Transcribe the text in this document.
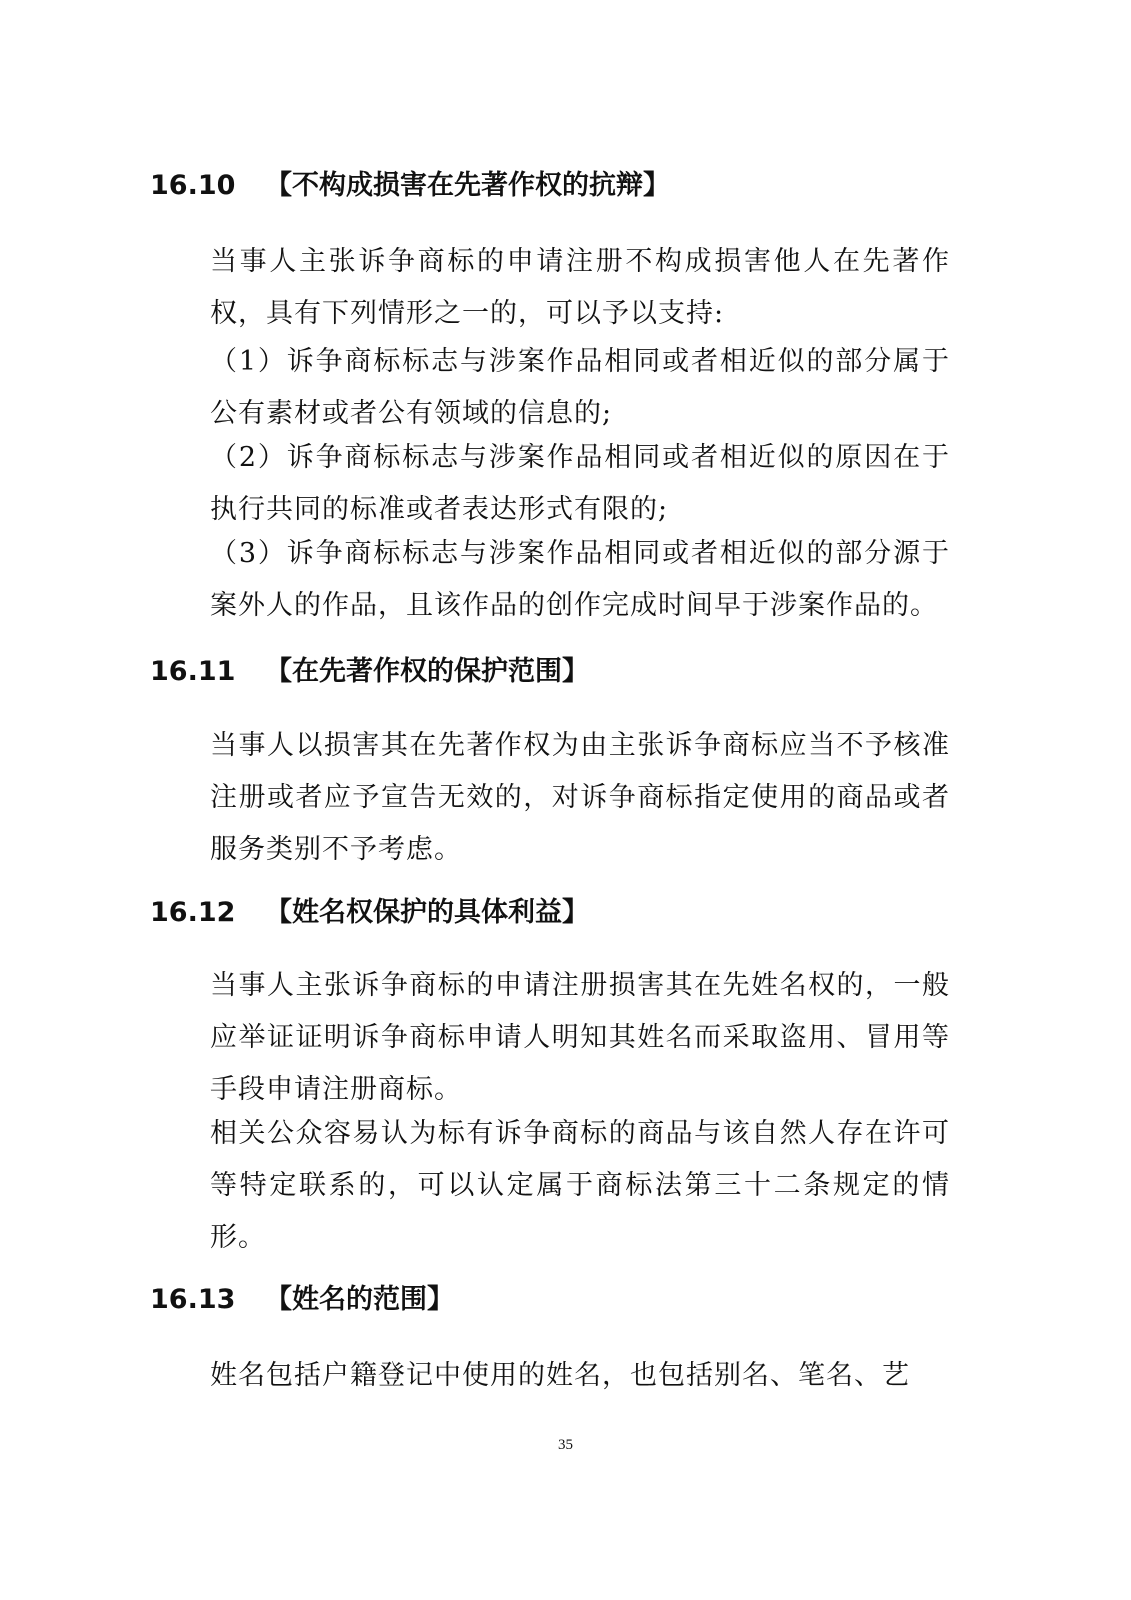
16.10 【不构成损害在先著作权的抗辩】
当事人主张诉争商标的申请注册不构成损害他人在先著作权，具有下列情形之一的，可以予以支持:
（1）诉争商标标志与涉案作品相同或者相近似的部分属于公有素材或者公有领域的信息的;
（2）诉争商标标志与涉案作品相同或者相近似的原因在于执行共同的标准或者表达形式有限的;
（3）诉争商标标志与涉案作品相同或者相近似的部分源于案外人的作品，且该作品的创作完成时间早于涉案作品的。
16.11 【在先著作权的保护范围】
当事人以损害其在先著作权为由主张诉争商标应当不予核准注册或者应予宣告无效的，对诉争商标指定使用的商品或者服务类别不予考虑。
16.12 【姓名权保护的具体利益】
当事人主张诉争商标的申请注册损害其在先姓名权的，一般应举证证明诉争商标申请人明知其姓名而采取盗用、冒用等手段申请注册商标。
相关公众容易认为标有诉争商标的商品与该自然人存在许可等特定联系的，可以认定属于商标法第三十二条规定的情形。
16.13 【姓名的范围】
姓名包括户籍登记中使用的姓名，也包括别名、笔名、艺
35
